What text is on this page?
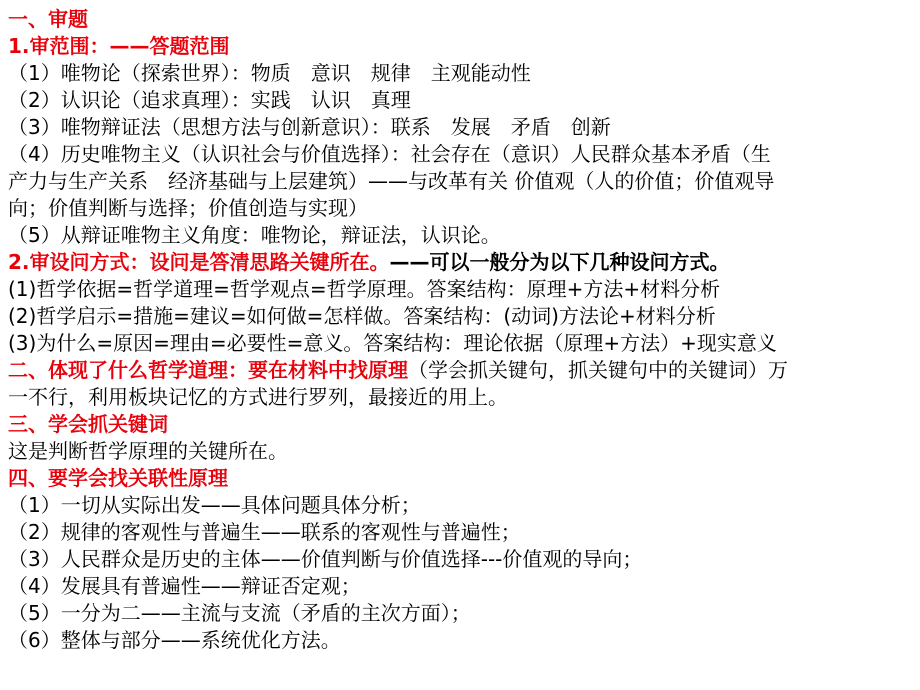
一、审题
1.审范围：——答题范围
（1）唯物论（探索世界）：物质　意识　规律　主观能动性
（2）认识论（追求真理）：实践　认识　真理
（3）唯物辩证法（思想方法与创新意识）：联系　发展　矛盾　创新
（4）历史唯物主义（认识社会与价值选择）：社会存在（意识）人民群众基本矛盾（生
产力与生产关系　经济基础与上层建筑）——与改革有关 价值观（人的价值；价值观导
向；价值判断与选择；价值创造与实现）
（5）从辩证唯物主义角度：唯物论，辩证法，认识论。
2.审设问方式：设问是答清思路关键所在。——可以一般分为以下几种设问方式。
(1)哲学依据=哲学道理=哲学观点=哲学原理。答案结构：原理+方法+材料分析
(2)哲学启示=措施=建议=如何做=怎样做。答案结构：(动词)方法论+材料分析
(3)为什么=原因=理由=必要性=意义。答案结构：理论依据（原理+方法）+现实意义
二、体现了什么哲学道理：要在材料中找原理（学会抓关键句，抓关键句中的关键词）万
一不行，利用板块记忆的方式进行罗列，最接近的用上。
三、学会抓关键词
这是判断哲学原理的关键所在。
四、要学会找关联性原理
（1）一切从实际出发——具体问题具体分析；
（2）规律的客观性与普遍生——联系的客观性与普遍性；
（3）人民群众是历史的主体——价值判断与价值选择---价值观的导向；
（4）发展具有普遍性——辩证否定观；
（5）一分为二——主流与支流（矛盾的主次方面）；
（6）整体与部分——系统优化方法。
